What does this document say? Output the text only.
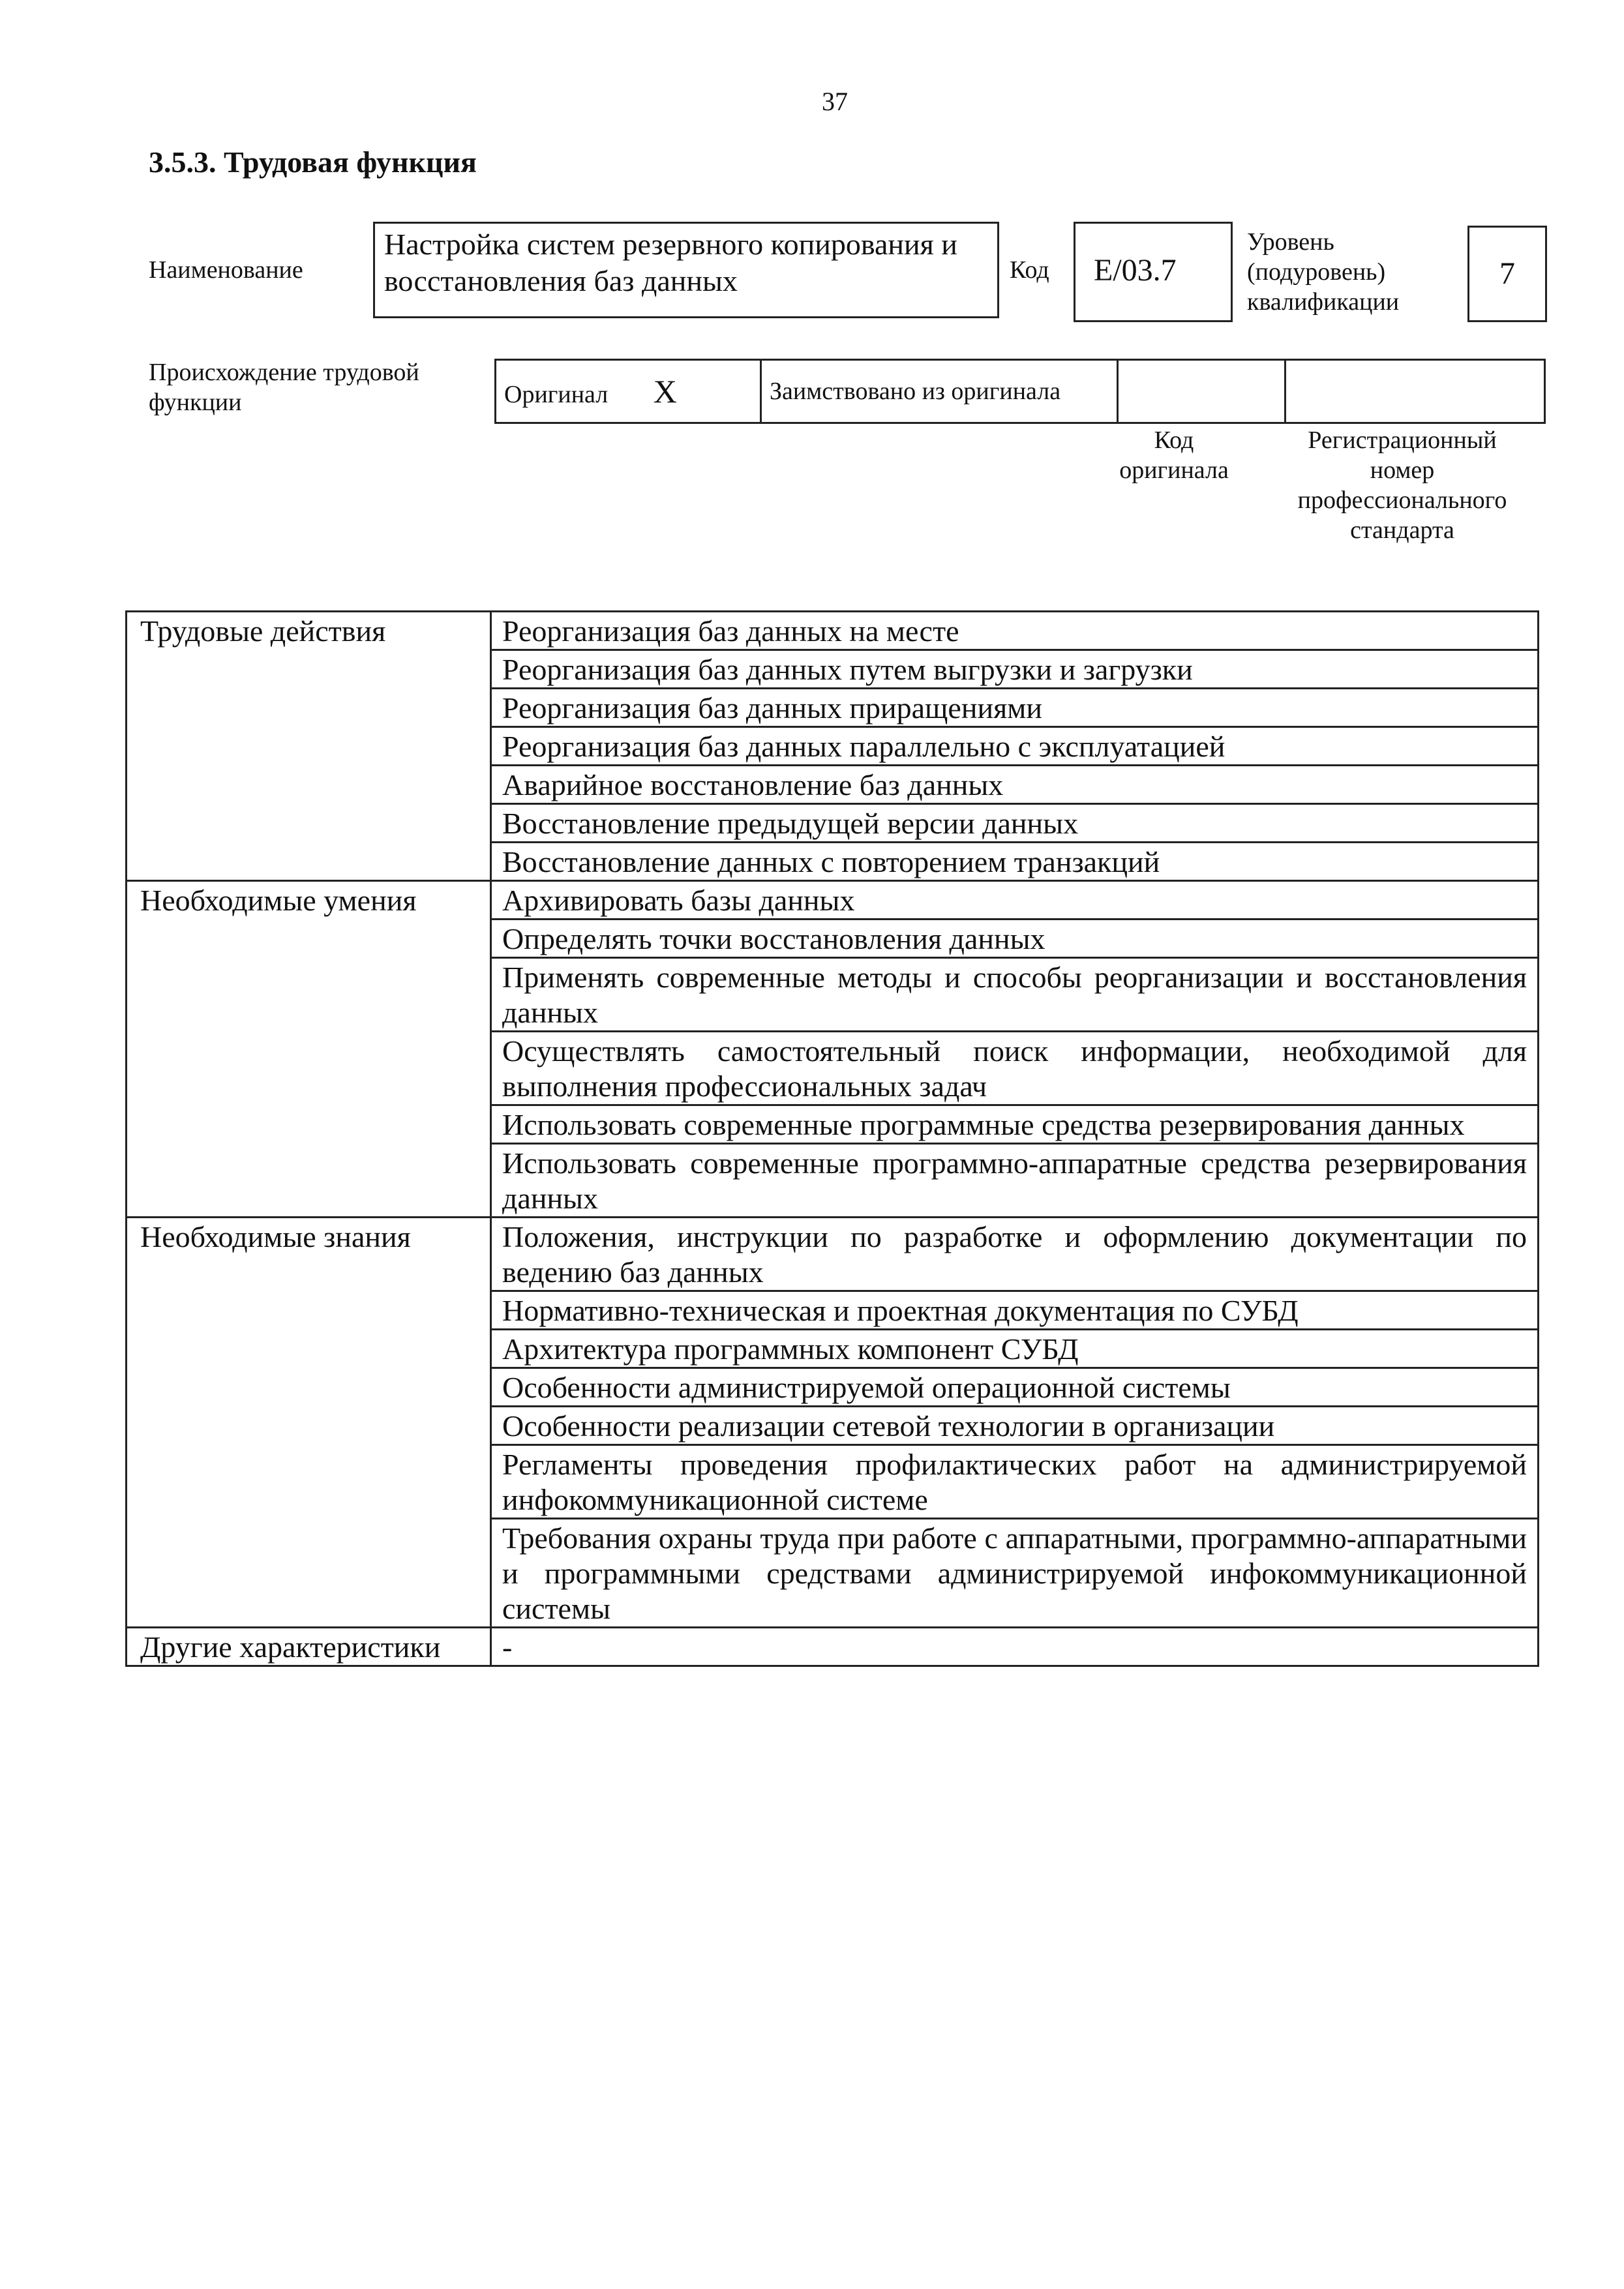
37
3.5.3. Трудовая функция
Наименование
Настройка систем резервного копирования и восстановления баз данных	Код	E/03.7
Уровень
(подуровень)
квалификации
7
Происхождение трудовой
функции	Оригинал X	Заимствовано из оригинала		
Код
оригинала
Регистрационный
номер
профессионального
стандарта
Трудовые действия	Реорганизация баз данных на месте
	Реорганизация баз данных путем выгрузки и загрузки
	Реорганизация баз данных приращениями
	Реорганизация баз данных параллельно с эксплуатацией
	Аварийное восстановление баз данных
	Восстановление предыдущей версии данных
	Восстановление данных с повторением транзакций
Необходимые умения	Архивировать базы данных
	Определять точки восстановления данных
	Применять современные методы и способы реорганизации и восстановления данных
	Осуществлять самостоятельный поиск информации, необходимой для выполнения профессиональных задач
	Использовать современные программные средства резервирования данных
	Использовать современные программно-аппаратные средства резервирования данных
Необходимые знания	Положения, инструкции по разработке и оформлению документации по ведению баз данных
	Нормативно-техническая и проектная документация по СУБД
	Архитектура программных компонент СУБД
	Особенности администрируемой операционной системы
	Особенности реализации сетевой технологии в организации
	Регламенты проведения профилактических работ на администрируемой инфокоммуникационной системе
	Требования охраны труда при работе с аппаратными, программно-аппаратными и программными средствами администрируемой инфокоммуникационной системы
Другие характеристики	-
